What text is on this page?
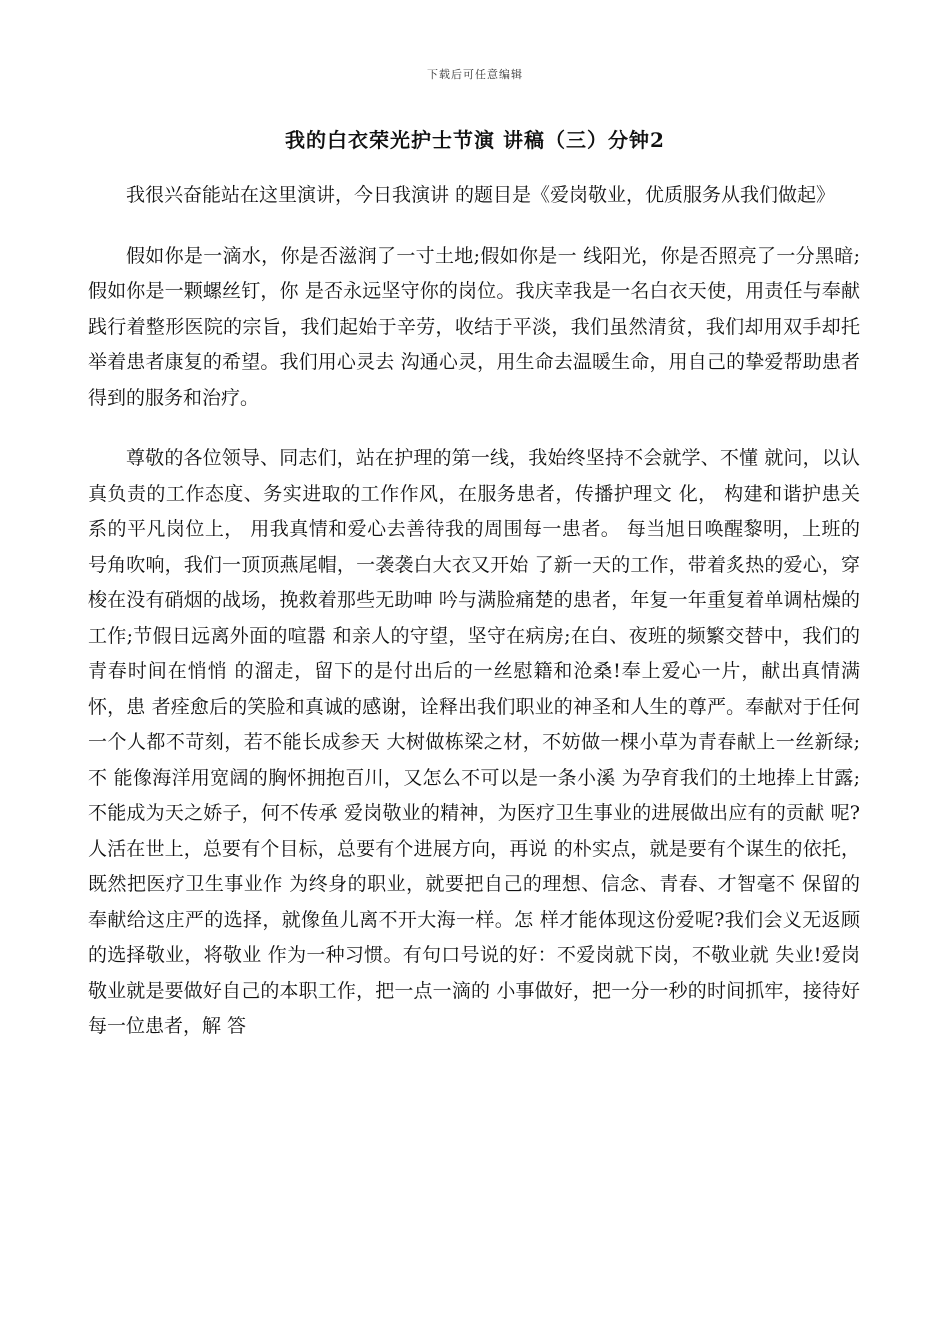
下载后可任意编辑
我的白衣荣光护士节演 讲稿（三）分钟2

我很兴奋能站在这里演讲，今日我演讲 的题目是《爱岗敬业，优质服务从我们做起》

假如你是一滴水，你是否滋润了一寸土地;假如你是一 线阳光，你是否照亮了一分黑暗;假如你是一颗螺丝钉，你 是否永远坚守你的岗位。我庆幸我是一名白衣天使，用责任与奉献践行着整形医院的宗旨，我们起始于辛劳，收结于平淡，我们虽然清贫，我们却用双手却托举着患者康复的希望。我们用心灵去 沟通心灵，用生命去温暖生命，用自己的挚爱帮助患者得到的服务和治疗。

尊敬的各位领导、同志们，站在护理的第一线，我始终坚持不会就学、不懂 就问，以认真负责的工作态度、务实进取的工作作风，在服务患者，传播护理文 化， 构建和谐护患关系的平凡岗位上， 用我真情和爱心去善待我的周围每一患者。 每当旭日唤醒黎明，上班的号角吹响，我们一顶顶燕尾帽，一袭袭白大衣又开始 了新一天的工作，带着炙热的爱心，穿梭在没有硝烟的战场，挽救着那些无助呻 吟与满脸痛楚的患者，年复一年重复着单调枯燥的工作;节假日远离外面的喧嚣 和亲人的守望，坚守在病房;在白、夜班的频繁交替中，我们的青春时间在悄悄 的溜走，留下的是付出后的一丝慰籍和沧桑!奉上爱心一片，献出真情满怀，患 者痊愈后的笑脸和真诚的感谢，诠释出我们职业的神圣和人生的尊严。奉献对于任何一个人都不苛刻，若不能长成参天 大树做栋梁之材，不妨做一棵小草为青春献上一丝新绿;不 能像海洋用宽阔的胸怀拥抱百川，又怎么不可以是一条小溪 为孕育我们的土地捧上甘露;不能成为天之娇子，何不传承 爱岗敬业的精神，为医疗卫生事业的进展做出应有的贡献 呢? 人活在世上，总要有个目标，总要有个进展方向，再说 的朴实点，就是要有个谋生的依托，既然把医疗卫生事业作 为终身的职业，就要把自己的理想、信念、青春、才智毫不 保留的奉献给这庄严的选择，就像鱼儿离不开大海一样。怎 样才能体现这份爱呢?我们会义无返顾的选择敬业，将敬业 作为一种习惯。有句口号说的好：不爱岗就下岗，不敬业就 失业!爱岗敬业就是要做好自己的本职工作，把一点一滴的 小事做好，把一分一秒的时间抓牢，接待好每一位患者，解 答
